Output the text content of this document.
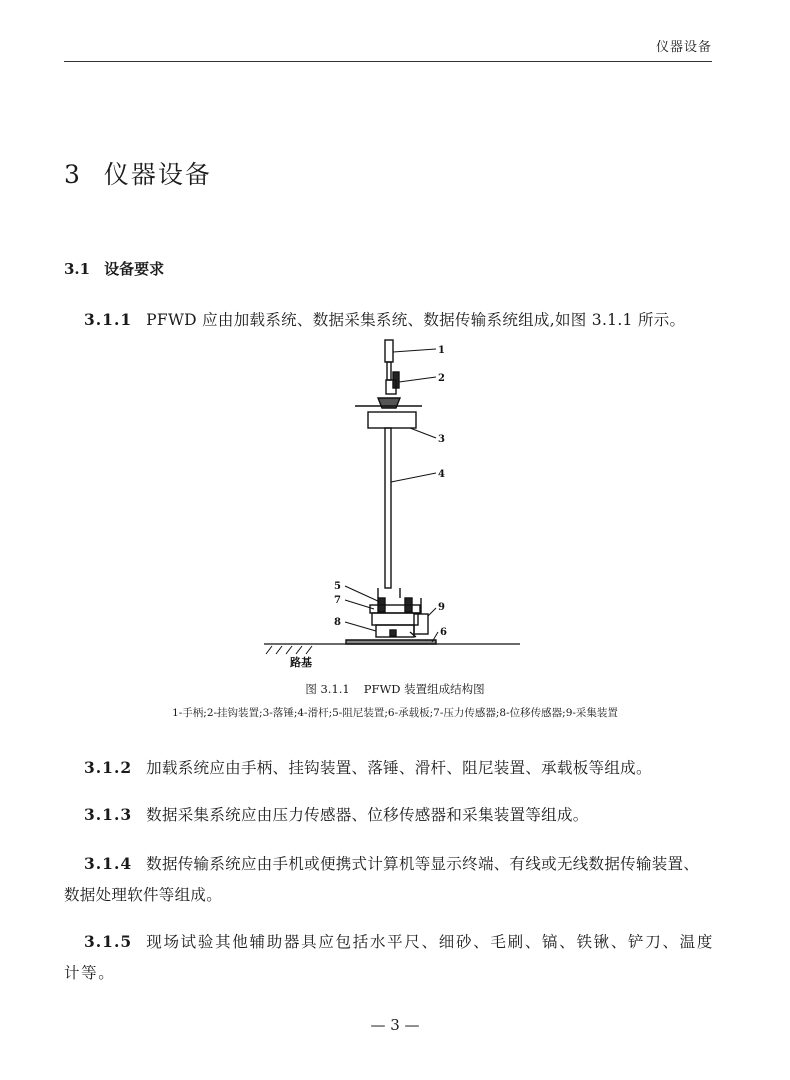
仪器设备
3 仪器设备
3.1 设备要求

3.1.1 PFWD 应由加载系统、数据采集系统、数据传输系统组成,如图 3.1.1 所示。

1
2
3
4
5
6
7
8
9
路基
图 3.1.1 PFWD 装置组成结构图
1-手柄;2-挂钩装置;3-落锤;4-滑杆;5-阻尼装置;6-承载板;7-压力传感器;8-位移传感器;9-采集装置

3.1.2 加载系统应由手柄、挂钩装置、落锤、滑杆、阻尼装置、承载板等组成。

3.1.3 数据采集系统应由压力传感器、位移传感器和采集装置等组成。

3.1.4 数据传输系统应由手机或便携式计算机等显示终端、有线或无线数据传输装置、数据处理软件等组成。

3.1.5 现场试验其他辅助器具应包括水平尺、细砂、毛刷、镐、铁锹、铲刀、温度计等。

— 3 —
